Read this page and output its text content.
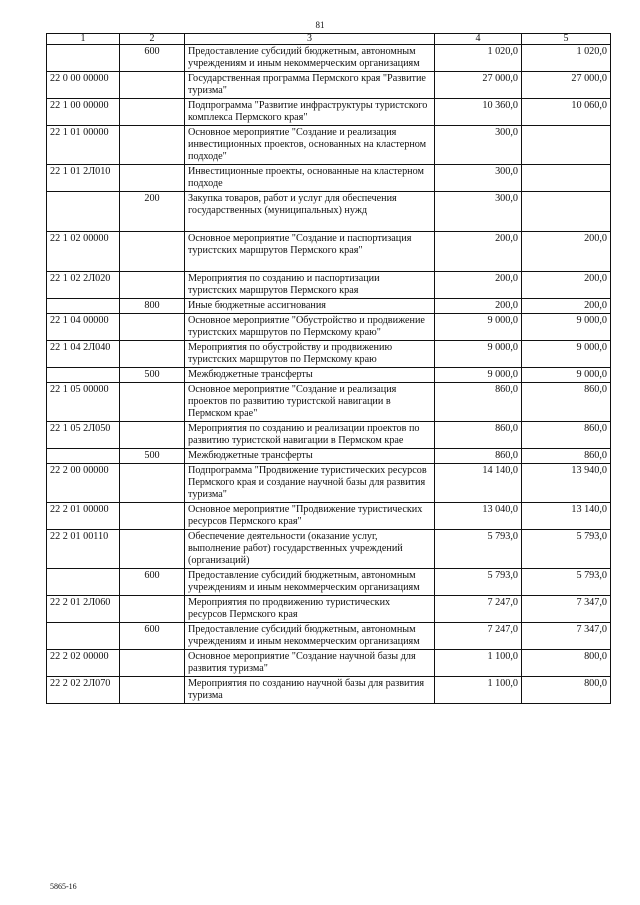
81
1	2	3	4	5
	600	Предоставление субсидий бюджетным, автономным учреждениям и иным некоммерческим организациям	1 020,0	1 020,0
22 0 00 00000		Государственная программа Пермского края "Развитие туризма"	27 000,0	27 000,0
22 1 00 00000		Подпрограмма "Развитие инфраструктуры туристского комплекса Пермского края"	10 360,0	10 060,0
22 1 01 00000		Основное мероприятие "Создание и реализация инвестиционных проектов, основанных на кластерном подходе"	300,0	
22 1 01 2Л010		Инвестиционные проекты, основанные на кластерном подходе	300,0	
	200	Закупка товаров, работ и услуг для обеспечения государственных (муниципальных) нужд	300,0	
22 1 02 00000		Основное мероприятие "Создание и паспортизация туристских маршрутов Пермского края"	200,0	200,0
22 1 02 2Л020		Мероприятия по созданию и паспортизации туристских маршрутов Пермского края	200,0	200,0
	800	Иные бюджетные ассигнования	200,0	200,0
22 1 04 00000		Основное мероприятие "Обустройство и продвижение туристских маршрутов по Пермскому краю"	9 000,0	9 000,0
22 1 04 2Л040		Мероприятия по обустройству и продвижению туристских маршрутов по Пермскому краю	9 000,0	9 000,0
	500	Межбюджетные трансферты	9 000,0	9 000,0
22 1 05 00000		Основное мероприятие "Создание и реализация проектов по развитию туристской навигации в Пермском крае"	860,0	860,0
22 1 05 2Л050		Мероприятия по созданию и реализации проектов по развитию туристской навигации в Пермском крае	860,0	860,0
	500	Межбюджетные трансферты	860,0	860,0
22 2 00 00000		Подпрограмма "Продвижение туристических ресурсов Пермского края и создание научной базы для развития туризма"	14 140,0	13 940,0
22 2 01 00000		Основное мероприятие "Продвижение туристических ресурсов Пермского края"	13 040,0	13 140,0
22 2 01 00110		Обеспечение деятельности (оказание услуг, выполнение работ) государственных учреждений (организаций)	5 793,0	5 793,0
	600	Предоставление субсидий бюджетным, автономным учреждениям и иным некоммерческим организациям	5 793,0	5 793,0
22 2 01 2Л060		Мероприятия по продвижению туристических ресурсов Пермского края	7 247,0	7 347,0
	600	Предоставление субсидий бюджетным, автономным учреждениям и иным некоммерческим организациям	7 247,0	7 347,0
22 2 02 00000		Основное мероприятие "Создание научной базы для развития туризма"	1 100,0	800,0
22 2 02 2Л070		Мероприятия по созданию научной базы для развития туризма	1 100,0	800,0
5865-16
